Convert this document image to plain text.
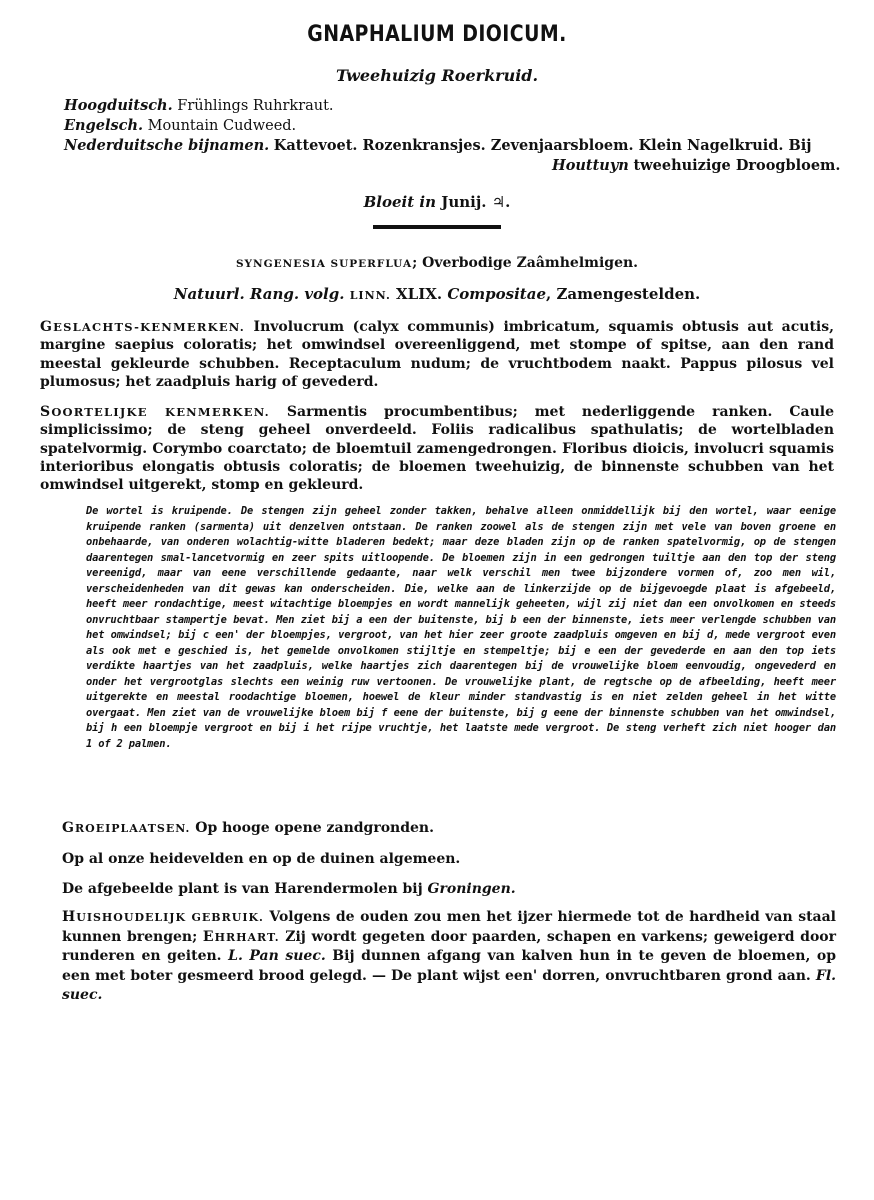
GNAPHALIUM DIOICUM.
Tweehuizig Roerkruid.
Hoogduitsch. Frühlings Ruhrkraut.
Engelsch. Mountain Cudweed.
Nederduitsche bijnamen. Kattevoet. Rozenkransjes. Zevenjaarsbloem. Klein Nagelkruid. Bij
Houttuyn tweehuizige Droogbloem.
Bloeit in Junij. ♃.
SYNGENESIA SUPERFLUA; Overbodige Zaâmhelmigen.
Natuurl. Rang. volg. LINN. XLIX. Compositae, Zamengestelden.
GESLACHTS-KENMERKEN. Involucrum (calyx communis) imbricatum, squamis obtusis aut acutis, margine saepius coloratis; het omwindsel overeenliggend, met stompe of spitse, aan den rand meestal gekleurde schubben. Receptaculum nudum; de vruchtbodem naakt. Pappus pilosus vel plumosus; het zaadpluis harig of gevederd.
SOORTELIJKE KENMERKEN. Sarmentis procumbentibus; met nederliggende ranken. Caule simplicissimo; de steng geheel onverdeeld. Foliis radicalibus spathulatis; de wortelbladen spatelvormig. Corymbo coarctato; de bloemtuil zamengedrongen. Floribus dioicis, involucri squamis interioribus elongatis obtusis coloratis; de bloemen tweehuizig, de binnenste schubben van het omwindsel uitgerekt, stomp en gekleurd.
De wortel is kruipende. De stengen zijn geheel zonder takken, behalve alleen onmiddellijk bij den wortel, waar eenige kruipende ranken (sarmenta) uit denzelven ontstaan. De ranken zoowel als de stengen zijn met vele van boven groene en onbehaarde, van onderen wolachtig-witte bladeren bedekt; maar deze bladen zijn op de ranken spatelvormig, op de stengen daarentegen smal-lancetvormig en zeer spits uitloopende. De bloemen zijn in een gedrongen tuiltje aan den top der steng vereenigd, maar van eene verschillende gedaante, naar welk verschil men twee bijzondere vormen of, zoo men wil, verscheidenheden van dit gewas kan onderscheiden. Die, welke aan de linkerzijde op de bijgevoegde plaat is afgebeeld, heeft meer rondachtige, meest witachtige bloempjes en wordt mannelijk geheeten, wijl zij niet dan een onvolkomen en steeds onvruchtbaar stampertje bevat. Men ziet bij a een der buitenste, bij b een der binnenste, iets meer verlengde schubben van het omwindsel; bij c een' der bloempjes, vergroot, van het hier zeer groote zaadpluis omgeven en bij d, mede vergroot even als ook met e geschied is, het gemelde onvolkomen stijltje en stempeltje; bij e een der gevederde en aan den top iets verdikte haartjes van het zaadpluis, welke haartjes zich daarentegen bij de vrouwelijke bloem eenvoudig, ongevederd en onder het vergrootglas slechts een weinig ruw vertoonen. De vrouwelijke plant, de regtsche op de afbeelding, heeft meer uitgerekte en meestal roodachtige bloemen, hoewel de kleur minder standvastig is en niet zelden geheel in het witte overgaat. Men ziet van de vrouwelijke bloem bij f eene der buitenste, bij g eene der binnenste schubben van het omwindsel, bij h een bloempje vergroot en bij i het rijpe vruchtje, het laatste mede vergroot. De steng verheft zich niet hooger dan 1 of 2 palmen.
GROEIPLAATSEN. Op hooge opene zandgronden.
Op al onze heidevelden en op de duinen algemeen.
De afgebeelde plant is van Harendermolen bij Groningen.
HUISHOUDELIJK GEBRUIK. Volgens de ouden zou men het ijzer hiermede tot de hardheid van staal kunnen brengen; EHRHART. Zij wordt gegeten door paarden, schapen en varkens; geweigerd door runderen en geiten. L. Pan suec. Bij dunnen afgang van kalven hun in te geven de bloemen, op een met boter gesmeerd brood gelegd. — De plant wijst een' dorren, onvruchtbaren grond aan. Fl. suec.
